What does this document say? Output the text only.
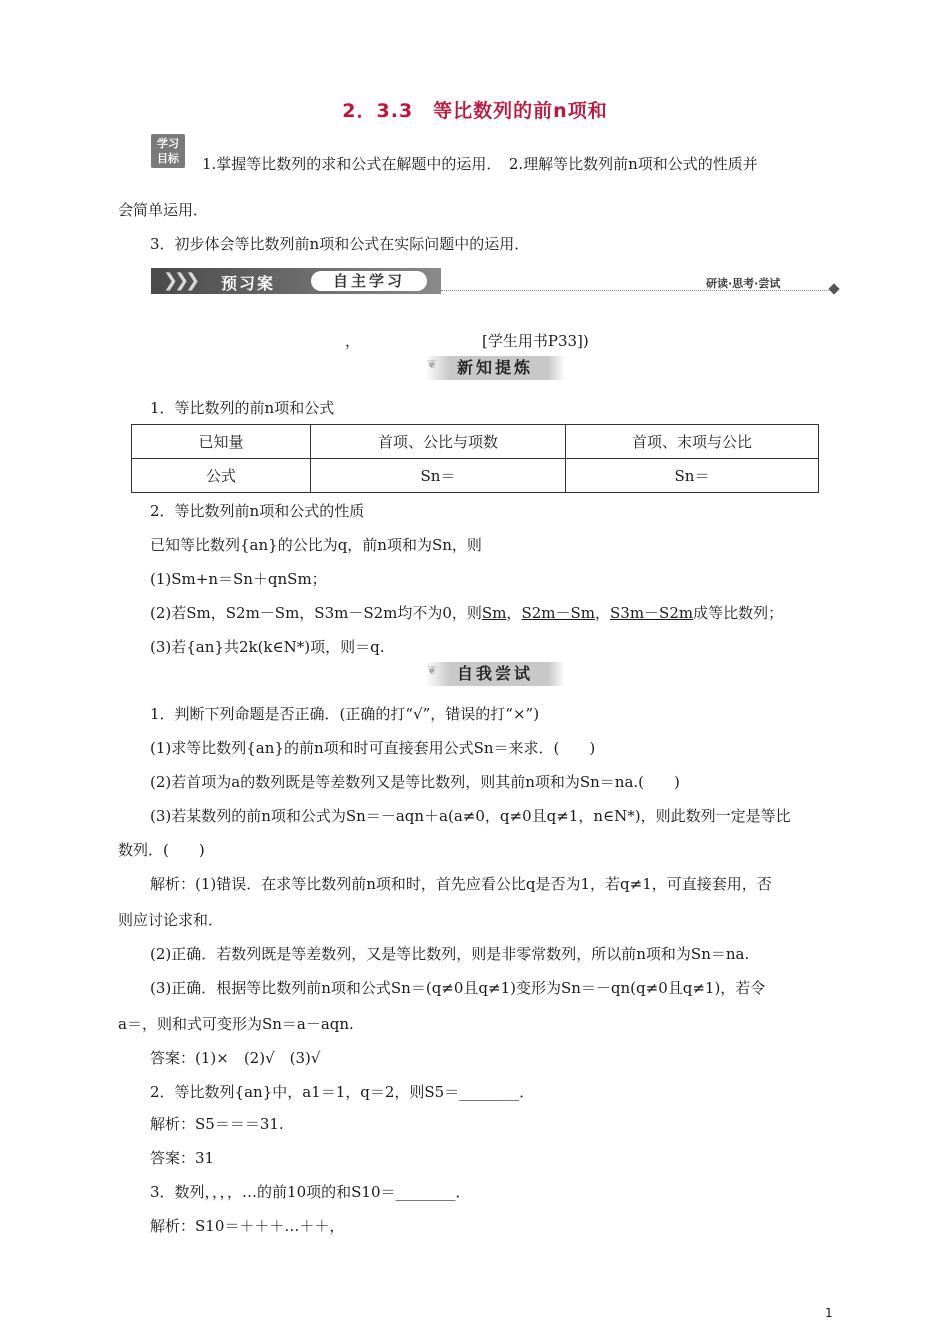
2．3.3　等比数列的前n项和
学习
目标	1.掌握等比数列的求和公式在解题中的运用．　2.理解等比数列前n项和公式的性质并
会简单运用．
3．初步体会等比数列前n项和公式在实际问题中的运用．
❯❯❯ 预习案	自主学习	研读·思考·尝试
，	[学生用书P33])
❦ 新知提炼
1．等比数列的前n项和公式
已知量	首项、公比与项数	首项、末项与公比
公式	Sn＝	Sn＝
2．等比数列前n项和公式的性质
已知等比数列{an}的公比为q，前n项和为Sn，则
(1)Sm+n＝Sn＋qnSm；
(2)若Sm，S2m－Sm，S3m－S2m均不为0，则Sm，S2m－Sm，S3m－S2m成等比数列；
(3)若{an}共2k(k∈N*)项，则＝q.
❦ 自我尝试
1．判断下列命题是否正确．(正确的打“√”，错误的打“×”)
(1)求等比数列{an}的前n项和时可直接套用公式Sn＝来求．(　　)
(2)若首项为a的数列既是等差数列又是等比数列，则其前n项和为Sn＝na.(　　)
(3)若某数列的前n项和公式为Sn＝－aqn＋a(a≠0，q≠0且q≠1，n∈N*)，则此数列一定是等比
数列．(　　)
解析：(1)错误．在求等比数列前n项和时，首先应看公比q是否为1，若q≠1，可直接套用，否
则应讨论求和．
(2)正确．若数列既是等差数列，又是等比数列，则是非零常数列，所以前n项和为Sn＝na.
(3)正确．根据等比数列前n项和公式Sn＝(q≠0且q≠1)变形为Sn＝－qn(q≠0且q≠1)，若令
a＝，则和式可变形为Sn＝a－aqn.
答案：(1)×　(2)√　(3)√
2．等比数列{an}中，a1＝1，q＝2，则S5＝________．
解析：S5＝＝＝31.
答案：31
3．数列，，，，…的前10项的和S10＝________．
解析：S10＝＋＋＋…＋＋，
1
